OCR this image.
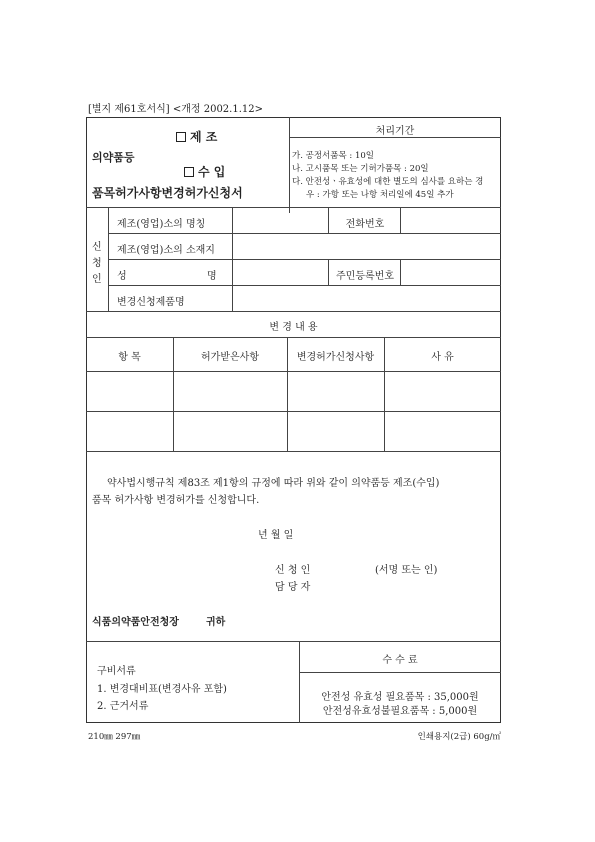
[별지 제61호서식] <개정 2002.1.12>
제 조
의약품등
수 입
품목허가사항변경허가신청서
처리기간
가. 공정서품목 : 10일
나. 고시품목 또는 기허가품목 : 20일
다. 안전성ㆍ유효성에 대한 별도의 심사를 요하는 경
우 : 가항 또는 나항 처리일에 45일 추가
신
청
인
제조(영업)소의 명칭	전화번호
제조(영업)소의 소재지
성	명	주민등록번호
변경신청제품명
변 경 내 용
항 목	허가받은사항	변경허가신청사항	사 유
약사법시행규칙 제83조 제1항의 규정에 따라 위와 같이 의약품등 제조(수입)
품목 허가사항 변경허가를 신청합니다.
년 월 일
신 청 인	(서명 또는 인)
담 당 자
식품의약품안전청장	귀하
구비서류
1. 변경대비표(변경사유 포함)
2. 근거서류
수 수 료
안전성 유효성 필요품목 : 35,000원
안전성유효성불필요품목 : 5,000원
210㎜ 297㎜	인쇄용지(2급) 60g/㎡
